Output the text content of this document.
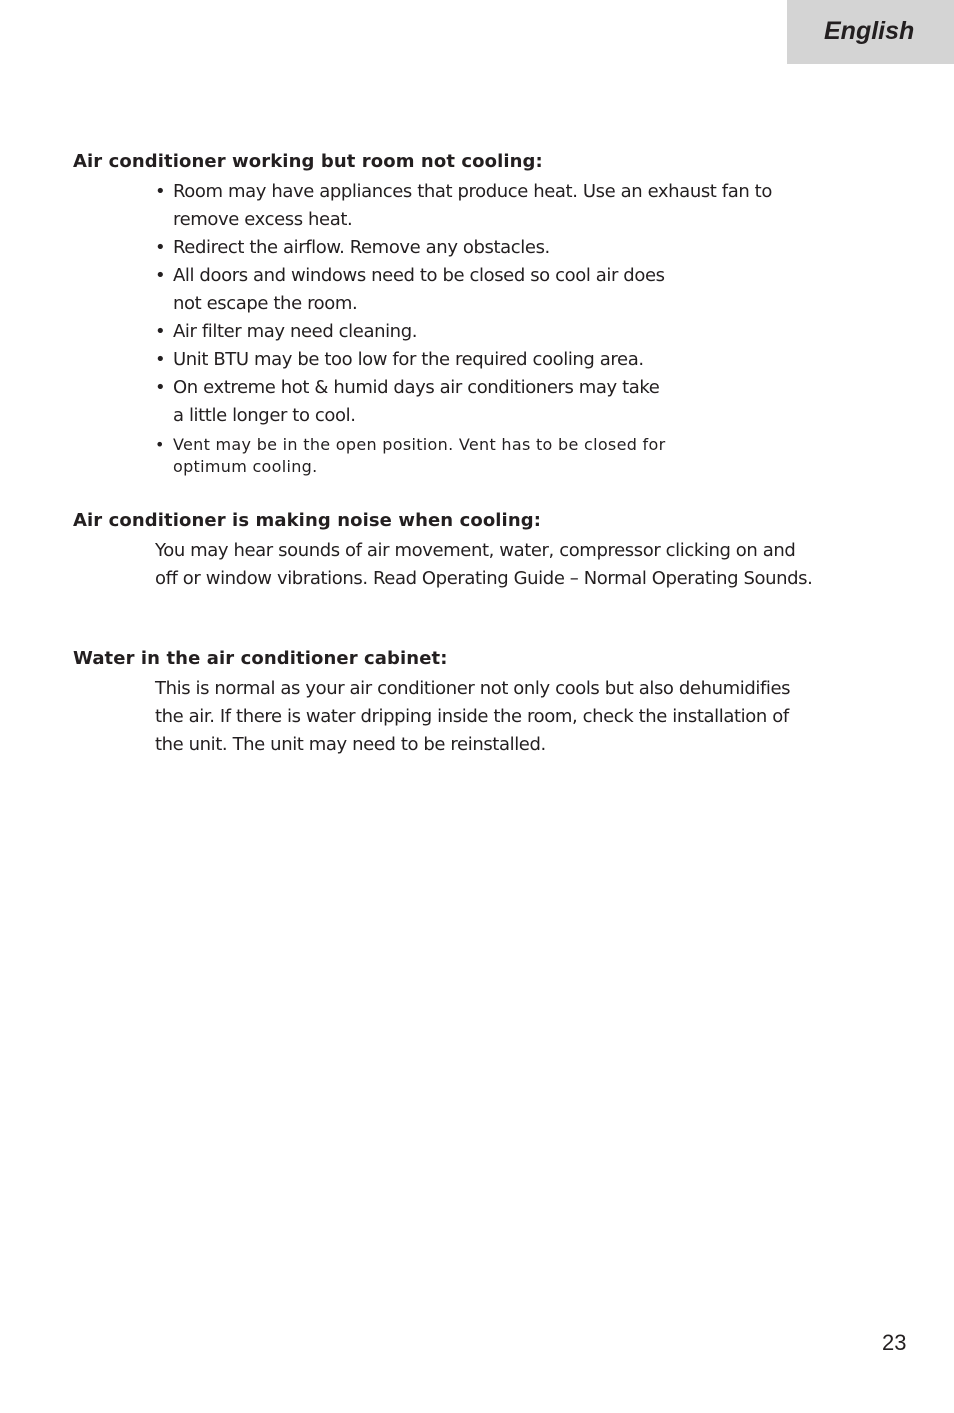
English
Air conditioner working but room not cooling:
• Room may have appliances that produce heat. Use an exhaust fan to remove excess heat.
• Redirect the airflow. Remove any obstacles.
• All doors and windows need to be closed so cool air does not escape the room.
• Air filter may need cleaning.
• Unit BTU may be too low for the required cooling area.
• On extreme hot & humid days air conditioners may take a little longer to cool.
• Vent may be in the open position. Vent has to be closed for optimum cooling.
Air conditioner is making noise when cooling:

You may hear sounds of air movement, water, compressor clicking on and off or window vibrations. Read Operating Guide – Normal Operating Sounds.

Water in the air conditioner cabinet:

This is normal as your air conditioner not only cools but also dehumidifies the air. If there is water dripping inside the room, check the installation of the unit. The unit may need to be reinstalled.

23
